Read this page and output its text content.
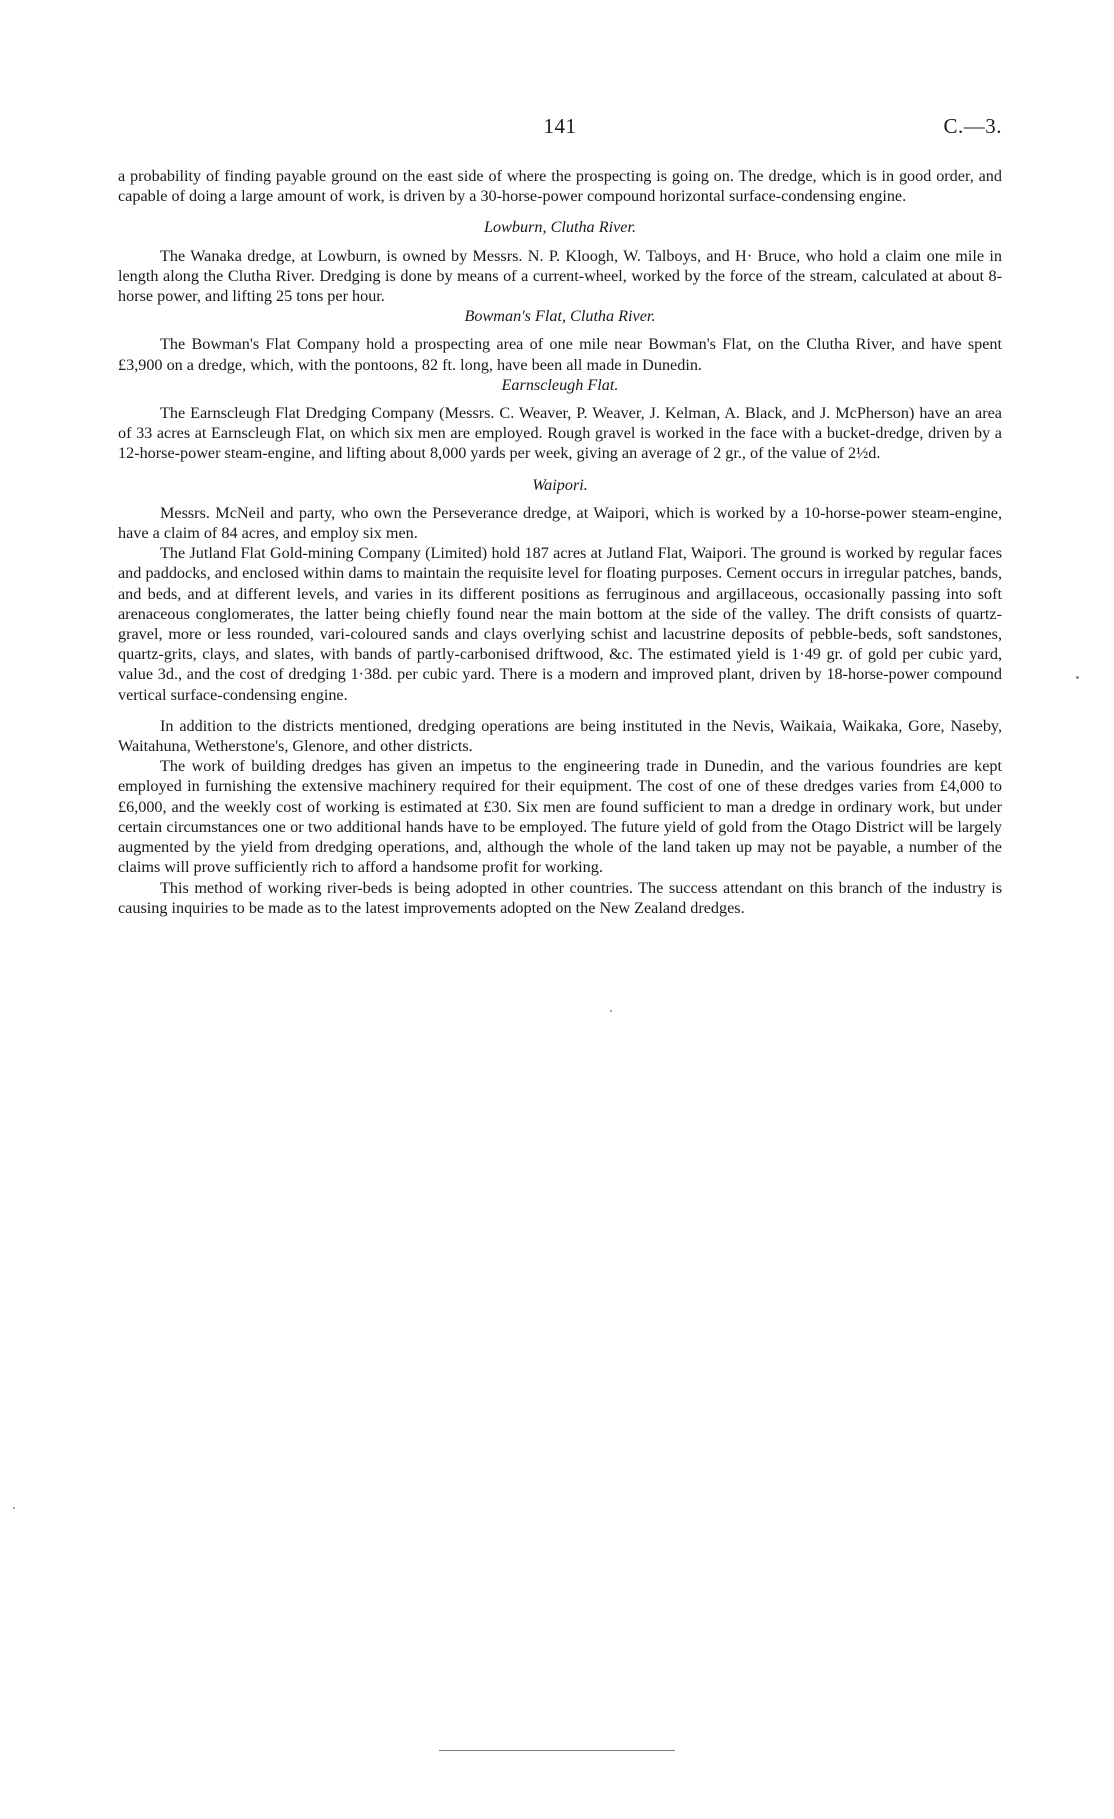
141	C.—3.

a probability of finding payable ground on the east side of where the prospecting is going on. The dredge, which is in good order, and capable of doing a large amount of work, is driven by a 30-horse-power compound horizontal surface-condensing engine.

Lowburn, Clutha River.

The Wanaka dredge, at Lowburn, is owned by Messrs. N. P. Kloogh, W. Talboys, and H· Bruce, who hold a claim one mile in length along the Clutha River. Dredging is done by means of a current-wheel, worked by the force of the stream, calculated at about 8-horse power, and lifting 25 tons per hour.

Bowman's Flat, Clutha River.

The Bowman's Flat Company hold a prospecting area of one mile near Bowman's Flat, on the Clutha River, and have spent £3,900 on a dredge, which, with the pontoons, 82 ft. long, have been all made in Dunedin.

Earnscleugh Flat.

The Earnscleugh Flat Dredging Company (Messrs. C. Weaver, P. Weaver, J. Kelman, A. Black, and J. McPherson) have an area of 33 acres at Earnscleugh Flat, on which six men are employed. Rough gravel is worked in the face with a bucket-dredge, driven by a 12-horse-power steam-engine, and lifting about 8,000 yards per week, giving an average of 2 gr., of the value of 2½d.

Waipori.

Messrs. McNeil and party, who own the Perseverance dredge, at Waipori, which is worked by a 10-horse-power steam-engine, have a claim of 84 acres, and employ six men.

The Jutland Flat Gold-mining Company (Limited) hold 187 acres at Jutland Flat, Waipori. The ground is worked by regular faces and paddocks, and enclosed within dams to maintain the requisite level for floating purposes. Cement occurs in irregular patches, bands, and beds, and at different levels, and varies in its different positions as ferruginous and argillaceous, occasionally passing into soft arenaceous conglomerates, the latter being chiefly found near the main bottom at the side of the valley. The drift consists of quartz-gravel, more or less rounded, vari-coloured sands and clays overlying schist and lacustrine deposits of pebble-beds, soft sandstones, quartz-grits, clays, and slates, with bands of partly-carbonised driftwood, &c. The estimated yield is 1·49 gr. of gold per cubic yard, value 3d., and the cost of dredging 1·38d. per cubic yard. There is a modern and improved plant, driven by 18-horse-power compound vertical surface-condensing engine.

In addition to the districts mentioned, dredging operations are being instituted in the Nevis, Waikaia, Waikaka, Gore, Naseby, Waitahuna, Wetherstone's, Glenore, and other districts.

The work of building dredges has given an impetus to the engineering trade in Dunedin, and the various foundries are kept employed in furnishing the extensive machinery required for their equipment. The cost of one of these dredges varies from £4,000 to £6,000, and the weekly cost of working is estimated at £30. Six men are found sufficient to man a dredge in ordinary work, but under certain circumstances one or two additional hands have to be employed. The future yield of gold from the Otago District will be largely augmented by the yield from dredging operations, and, although the whole of the land taken up may not be payable, a number of the claims will prove sufficiently rich to afford a handsome profit for working.

This method of working river-beds is being adopted in other countries. The success attendant on this branch of the industry is causing inquiries to be made as to the latest improvements adopted on the New Zealand dredges.
